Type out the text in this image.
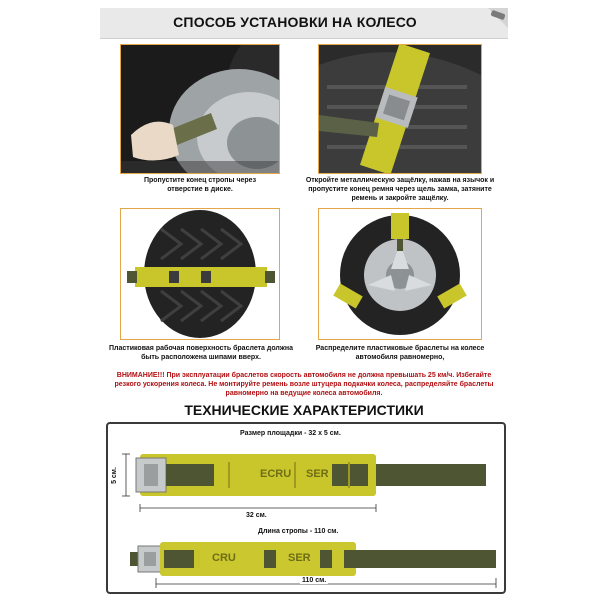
СПОСОБ УСТАНОВКИ НА КОЛЕСО
Пропустите конец стропы через отверстие в диске.
Откройте металлическую защёлку, нажав на язычок и пропустите конец ремня через щель замка, затяните ремень и закройте защёлку.
Пластиковая рабочая поверхность браслета должна быть расположена шипами вверх.
Распределите пластиковые браслеты на колесе автомобиля равномерно,
ВНИМАНИЕ!!! При эксплуатации браслетов скорость автомобиля не должна превышать 25 км/ч. Избегайте резкого ускорения колеса. Не монтируйте ремень возле штуцера подкачки колеса, распределяйте браслеты равномерно на ведущие колеса автомобиля.
ТЕХНИЧЕСКИЕ ХАРАКТЕРИСТИКИ
Размер площадки - 32 х 5 см.
ECRU SER
CRU	SER
5 см.
32 см.
Длина стропы - 110 см.
110 см.
